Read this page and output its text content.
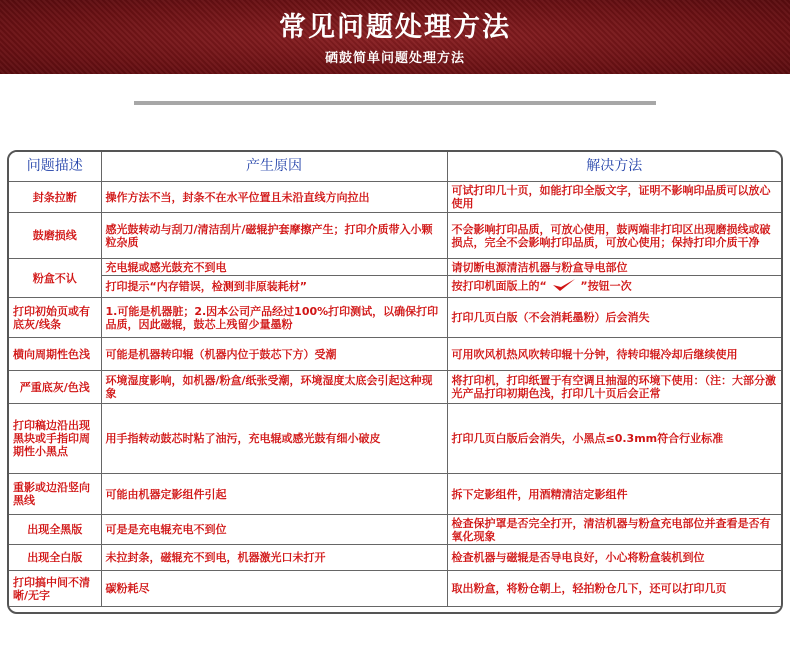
常见问题处理方法
硒鼓简单问题处理方法
问题描述	产生原因	解决方法
封条拉断	操作方法不当，封条不在水平位置且未沿直线方向拉出	可试打印几十页，如能打印全版文字，证明不影响印品质可以放心使用
鼓磨损线	感光鼓转动与刮刀/清洁刮片/磁辊护套摩擦产生；打印介质带入小颗粒杂质	不会影响打印品质，可放心使用，鼓两端非打印区出现磨损线或破损点，完全不会影响打印品质，可放心使用；保持打印介质干净
粉盒不认	充电辊或感光鼓充不到电	请切断电源清洁机器与粉盒导电部位
	打印提示“内存错误，检测到非原装耗材”	按打印机面版上的“ ”按钮一次
打印初始页或有底灰/线条	1.可能是机器脏；2.因本公司产品经过100%打印测试，以确保打印品质，因此磁辊，鼓芯上残留少量墨粉	打印几页白版（不会消耗墨粉）后会消失
横向周期性色浅	可能是机器转印辊（机器内位于鼓芯下方）受潮	可用吹风机热风吹转印辊十分钟，待转印辊冷却后继续使用
严重底灰/色浅	环境湿度影响，如机器/粉盒/纸张受潮，环境湿度太底会引起这种现象	将打印机，打印纸置于有空调且抽湿的环境下使用：（注：大部分激光产品打印初期色浅，打印几十页后会正常
打印稿边沿出现黑块或手指印周期性小黑点	用手指转动鼓芯时粘了油污，充电辊或感光鼓有细小破皮	打印几页白版后会消失，小黑点≤0.3mm符合行业标准
重影或边沿竖向黑线	可能由机器定影组件引起	拆下定影组件，用酒精清洁定影组件
出现全黑版	可是是充电辊充电不到位	检查保护罩是否完全打开，清洁机器与粉盒充电部位并查看是否有氧化现象
出现全白版	未拉封条，磁辊充不到电，机器激光口未打开	检查机器与磁辊是否导电良好，小心将粉盒装机到位
打印搞中间不清晰/无字	碳粉耗尽	取出粉盒，将粉仓朝上，轻拍粉仓几下，还可以打印几页
